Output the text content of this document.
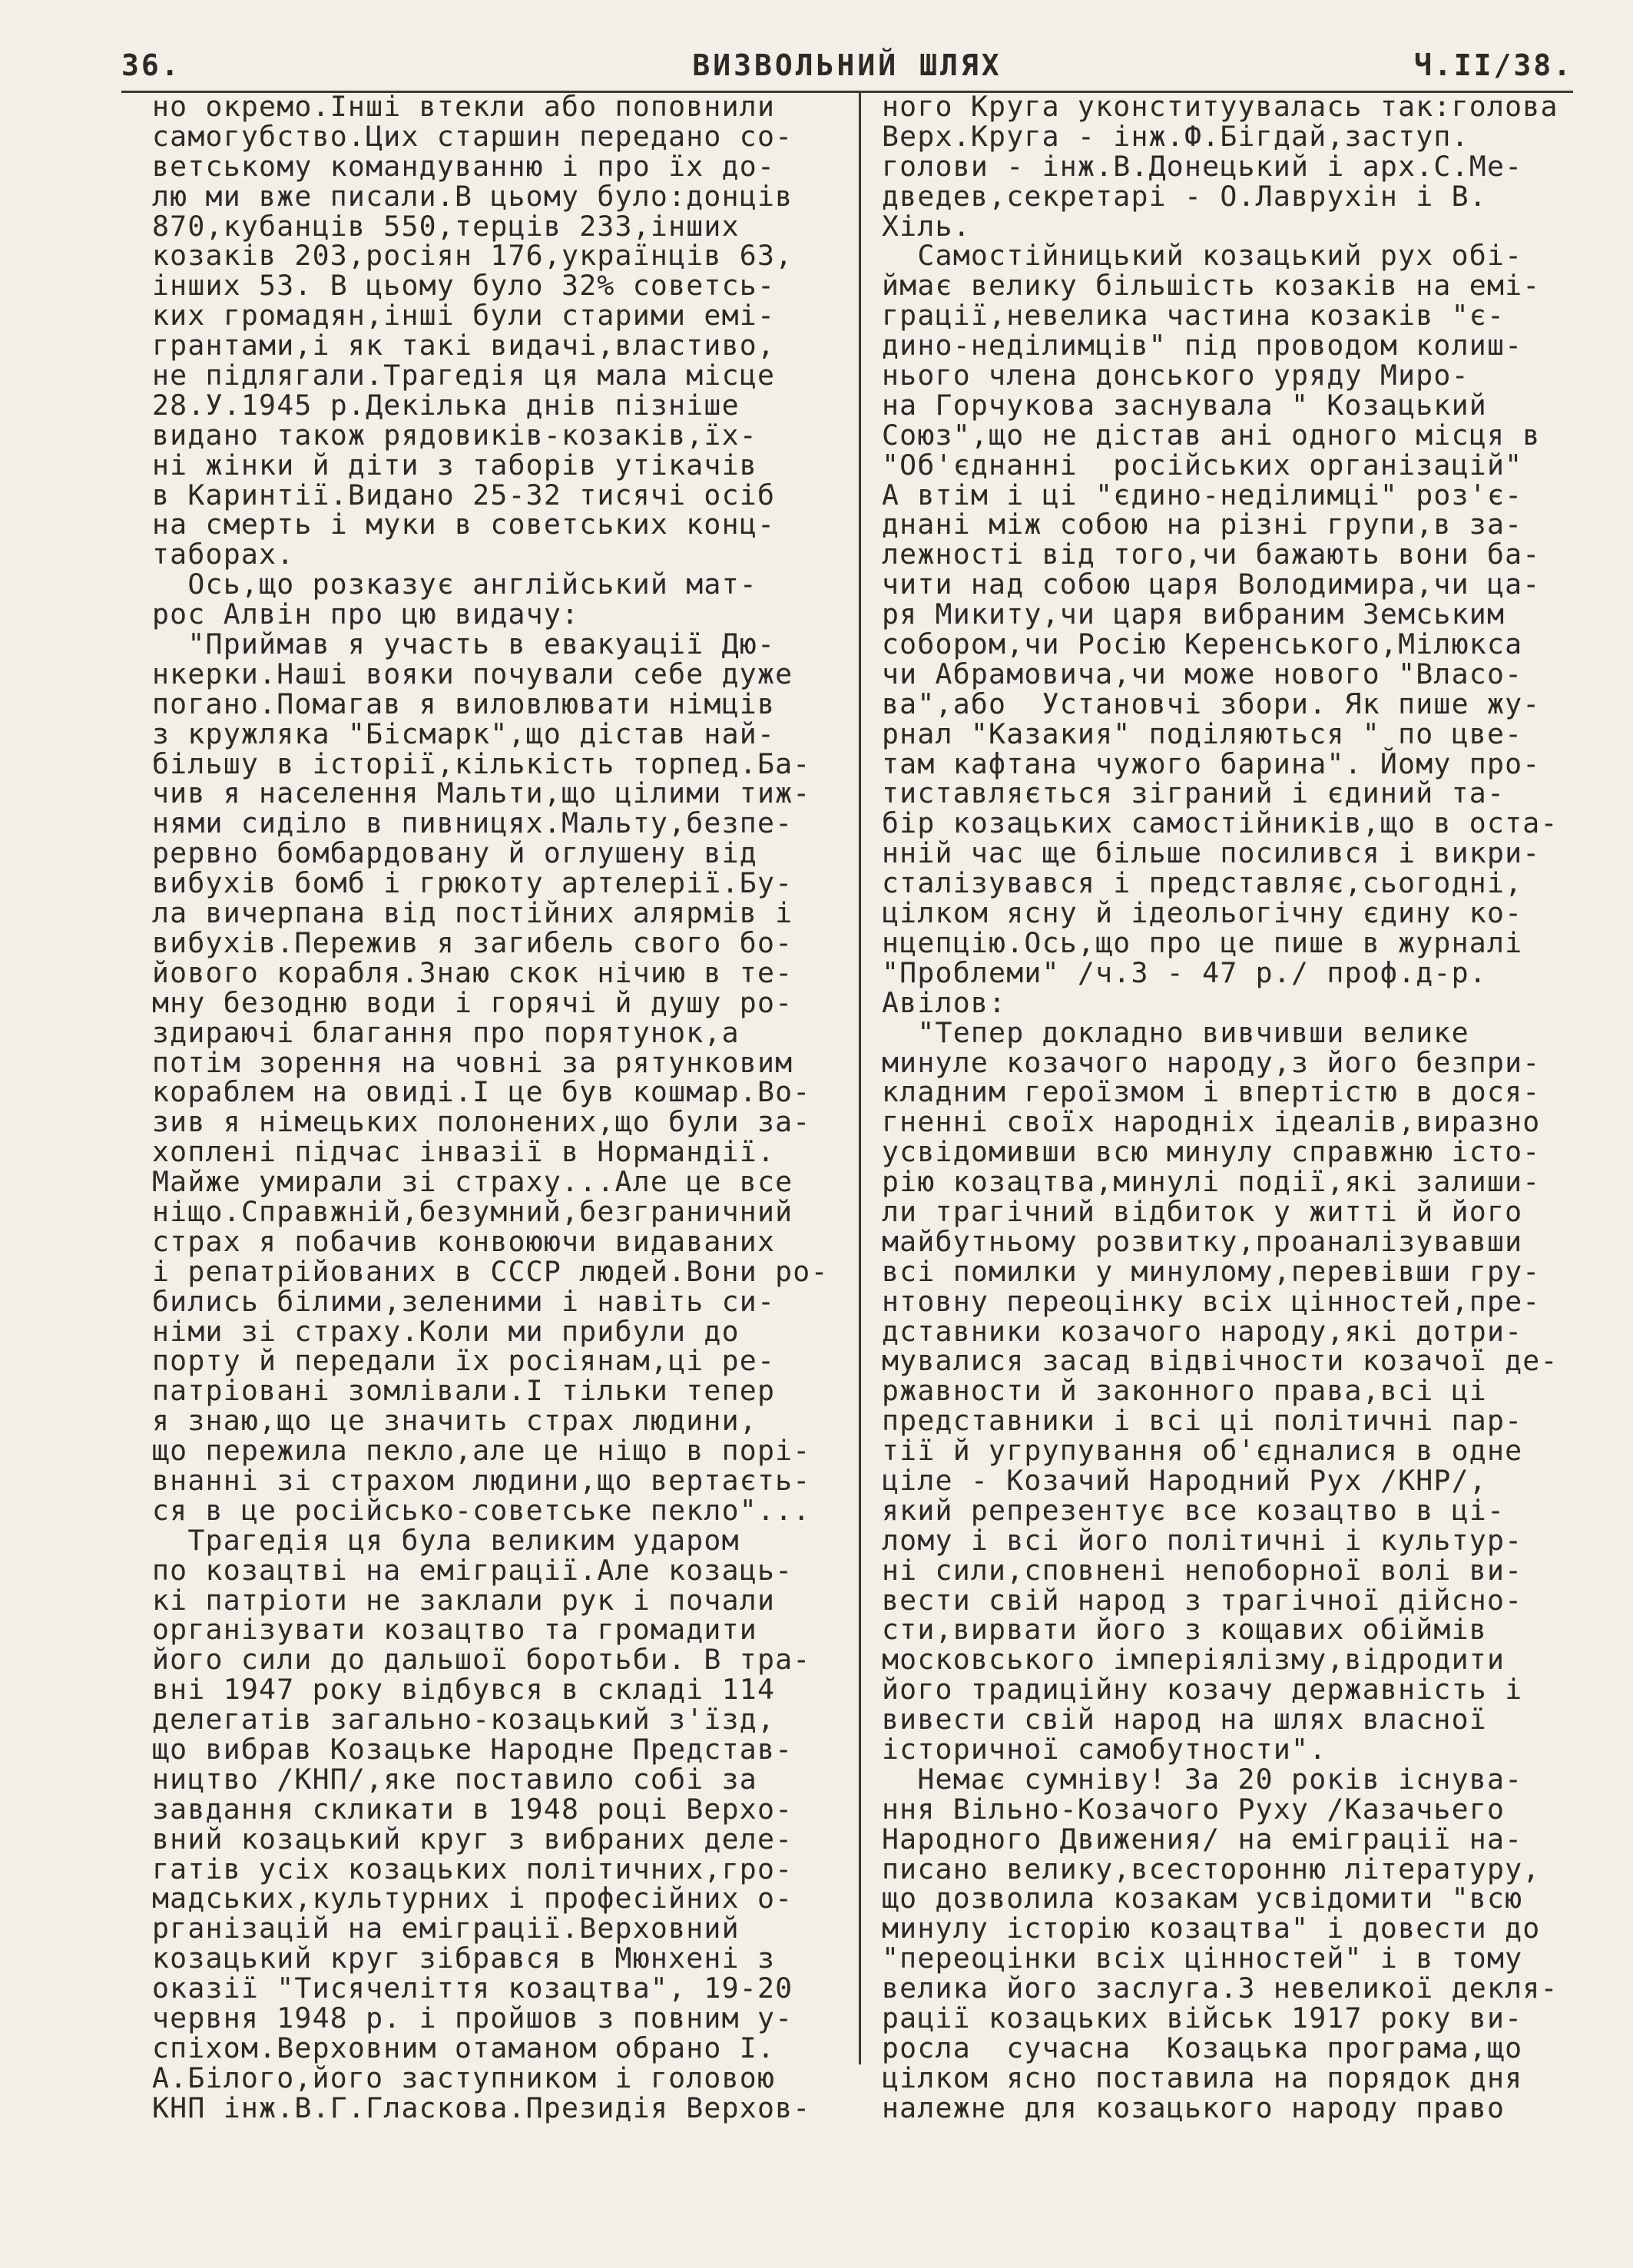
36.	ВИЗВОЛЬНИЙ ШЛЯХ	Ч.II/38.
но окремо.Інші втекли або поповнили
самогубство.Цих старшин передано со-
ветському командуванню і про їх до-
лю ми вже писали.В цьому було:донців
870,кубанців 550,терців 233,інших
козаків 203,росіян 176,українців 63,
інших 53. В цьому було 32% советсь-
ких громадян,інші були старими емі-
грантами,і як такі видачі,властиво,
не підлягали.Трагедія ця мала місце
28.У.1945 р.Декілька днів пізніше
видано також рядовиків-козаків,їх-
ні жінки й діти з таборів утікачів
в Каринтії.Видано 25-32 тисячі осіб
на смерть і муки в советських конц-
таборах.
Ось,що розказує англійський мат-
рос Алвін про цю видачу:
"Приймав я участь в евакуації Дю-
нкерки.Наші вояки почували себе дуже
погано.Помагав я виловлювати німців
з кружляка "Бісмарк",що дістав най-
більшу в історії,кількість торпед.Ба-
чив я населення Мальти,що цілими тиж-
нями сиділо в пивницях.Мальту,безпе-
рервно бомбардовану й оглушену від
вибухів бомб і грюкоту артелерії.Бу-
ла вичерпана від постійних алярмів і
вибухів.Пережив я загибель свого бо-
йового корабля.Знаю скок нічию в те-
мну безодню води і горячі й душу ро-
здираючі благання про порятунок,а
потім зорення на човні за рятунковим
кораблем на овиді.І це був кошмар.Во-
зив я німецьких полонених,що були за-
хоплені підчас інвазії в Нормандії.
Майже умирали зі страху...Але це все
ніщо.Справжній,безумний,безграничний
страх я побачив конвоюючи видаваних
і репатрійованих в СССР людей.Вони ро-
бились білими,зеленими і навіть си-
німи зі страху.Коли ми прибули до
порту й передали їх росіянам,ці ре-
патріовані зомлівали.І тільки тепер
я знаю,що це значить страх людини,
що пережила пекло,але це ніщо в порі-
внанні зі страхом людини,що вертаєть-
ся в це російсько-советське пекло"...
Трагедія ця була великим ударом
по козацтві на еміграції.Але козаць-
кі патріоти не заклали рук і почали
організувати козацтво та громадити
його сили до дальшої боротьби. В тра-
вні 1947 року відбувся в складі 114
делегатів загально-козацький з'їзд,
що вибрав Козацьке Народне Представ-
ництво /КНП/,яке поставило собі за
завдання скликати в 1948 році Верхо-
вний козацький круг з вибраних деле-
гатів усіх козацьких політичних,гро-
мадських,культурних і професійних о-
рганізацій на еміграції.Верховний
козацький круг зібрався в Мюнхені з
оказії "Тисячеліття козацтва", 19-20
червня 1948 р. і пройшов з повним у-
спіхом.Верховним отаманом обрано І.
А.Білого,його заступником і головою
КНП інж.В.Г.Гласкова.Президія Верхов-
ного Круга уконституувалась так:голова
Верх.Круга - інж.Ф.Бігдай,заступ.
голови - інж.В.Донецький і арх.С.Ме-
дведев,секретарі - О.Лаврухін і В.
Хіль.
Самостійницький козацький рух обі-
ймає велику більшість козаків на емі-
грації,невелика частина козаків "є-
дино-неділимців" під проводом колиш-
нього члена донського уряду Миро-
на Горчукова заснувала " Козацький
Союз",що не дістав ані одного місця в
"Об'єднанні  російських організацій"
А втім і ці "єдино-неділимці" роз'є-
днані між собою на різні групи,в за-
лежності від того,чи бажають вони ба-
чити над собою царя Володимира,чи ца-
ря Микиту,чи царя вибраним Земським
собором,чи Росію Керенського,Мілюкса
чи Абрамовича,чи може нового "Власо-
ва",або  Установчі збори. Як пише жу-
рнал "Казакия" поділяються " по цве-
там кафтана чужого барина". Йому про-
тиставляється зіграний і єдиний та-
бір козацьких самостійників,що в оста-
нній час ще більше посилився і викри-
сталізувався і представляє,сьогодні,
цілком ясну й ідеольогічну єдину ко-
нцепцію.Ось,що про це пише в журналі
"Проблеми" /ч.3 - 47 р./ проф.д-р.
Авілов:
"Тепер докладно вивчивши велике
минуле козачого народу,з його безпри-
кладним героїзмом і впертістю в дося-
гненні своїх народніх ідеалів,виразно
усвідомивши всю минулу справжню істо-
рію козацтва,минулі події,які залиши-
ли трагічний відбиток у житті й його
майбутньому розвитку,проаналізувавши
всі помилки у минулому,перевівши гру-
нтовну переоцінку всіх цінностей,пре-
дставники козачого народу,які дотри-
мувалися засад відвічности козачої де-
ржавности й законного права,всі ці
представники і всі ці політичні пар-
тії й угрупування об'єдналися в одне
ціле - Козачий Народний Рух /КНР/,
який репрезентує все козацтво в ці-
лому і всі його політичні і культур-
ні сили,сповнені непоборної волі ви-
вести свій народ з трагічної дійсно-
сти,вирвати його з кощавих обіймів
московського імперіялізму,відродити
його традиційну козачу державність і
вивести свій народ на шлях власної
історичної самобутности".
Немає сумніву! За 20 років існува-
ння Вільно-Козачого Руху /Казачьего
Народного Движения/ на еміграції на-
писано велику,всесторонню літературу,
що дозволила козакам усвідомити "всю
минулу історію козацтва" і довести до
"переоцінки всіх цінностей" і в тому
велика його заслуга.З невеликої декля-
рації козацьких військ 1917 року ви-
росла  сучасна  Козацька програма,що
цілком ясно поставила на порядок дня
належне для козацького народу право
